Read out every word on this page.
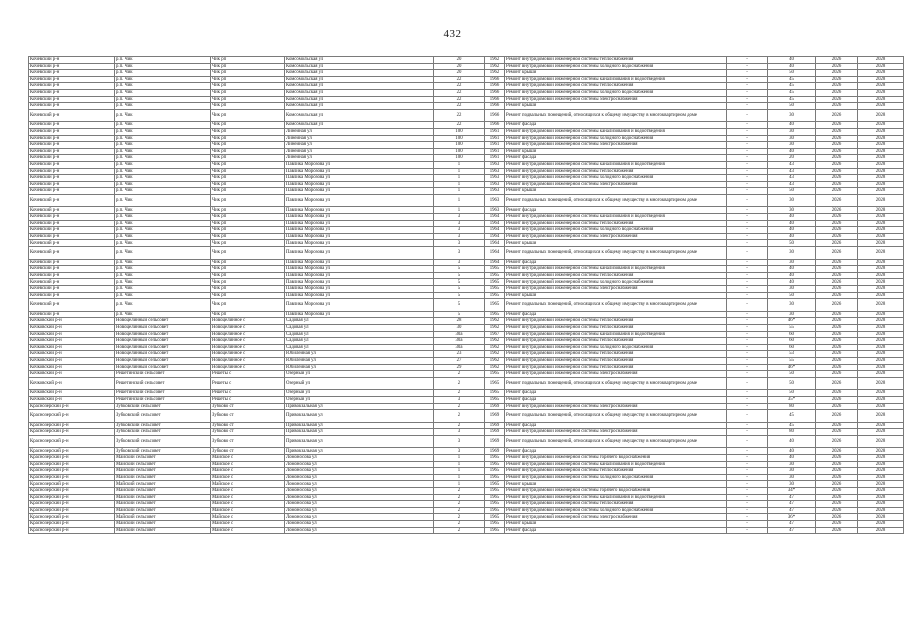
432
Кочевский р-н	р.п. Чик	Чик рп	Комсомольская ул	20	1962	Ремонт внутридомовой инженерной системы теплоснабжения	-	40	2026	2028
Кочевский р-н	р.п. Чик	Чик рп	Комсомольская ул	20	1962	Ремонт внутридомовой инженерной системы холодного водоснабжения	-	40	2026	2028
Кочевский р-н	р.п. Чик	Чик рп	Комсомольская ул	20	1962	Ремонт крыши	-	50	2026	2028
Кочевский р-н	р.п. Чик	Чик рп	Комсомольская ул	22	1966	Ремонт внутридомовой инженерной системы канализования и водоотведения	-	45	2026	2028
Кочевский р-н	р.п. Чик	Чик рп	Комсомольская ул	22	1966	Ремонт внутридомовой инженерной системы теплоснабжения	-	45	2026	2028
Кочевский р-н	р.п. Чик	Чик рп	Комсомольская ул	22	1966	Ремонт внутридомовой инженерной системы холодного водоснабжения	-	45	2026	2028
Кочевский р-н	р.п. Чик	Чик рп	Комсомольская ул	22	1966	Ремонт внутридомовой инженерной системы электроснабжения	-	45	2026	2028
Кочевский р-н	р.п. Чик	Чик рп	Комсомольская ул	22	1966	Ремонт крыши	-	50	2026	2028
Кочевский р-н	р.п. Чик	Чик рп	Комсомольская ул	22	1966	Ремонт подвальных помещений, относящихся к общему имуществу в многоквартирном доме	-	30	2026	2028
Кочевский р-н	р.п. Чик	Чик рп	Комсомольская ул	22	1966	Ремонт фасада	-	40	2026	2028
Кочевский р-н	р.п. Чик	Чик рп	Линейная ул	100	1961	Ремонт внутридомовой инженерной системы канализования и водоотведения	-	30	2026	2028
Кочевский р-н	р.п. Чик	Чик рп	Линейная ул	100	1961	Ремонт внутридомовой инженерной системы холодного водоснабжения	-	30	2026	2028
Кочевский р-н	р.п. Чик	Чик рп	Линейная ул	100	1961	Ремонт внутридомовой инженерной системы электроснабжения	-	30	2026	2028
Кочевский р-н	р.п. Чик	Чик рп	Линейная ул	100	1961	Ремонт крыши	-	40	2026	2028
Кочевский р-н	р.п. Чик	Чик рп	Линейная ул	100	1961	Ремонт фасада	-	20	2026	2028
Кочевский р-н	р.п. Чик	Чик рп	Павлика Морозова ул	1	1963	Ремонт внутридомовой инженерной системы канализования и водоотведения	-	43	2026	2028
Кочевский р-н	р.п. Чик	Чик рп	Павлика Морозова ул	1	1963	Ремонт внутридомовой инженерной системы теплоснабжения	-	43	2026	2028
Кочевский р-н	р.п. Чик	Чик рп	Павлика Морозова ул	1	1963	Ремонт внутридомовой инженерной системы холодного водоснабжения	-	43	2026	2028
Кочевский р-н	р.п. Чик	Чик рп	Павлика Морозова ул	1	1963	Ремонт внутридомовой инженерной системы электроснабжения	-	43	2026	2028
Кочевский р-н	р.п. Чик	Чик рп	Павлика Морозова ул	1	1963	Ремонт крыши	-	50	2026	2028
Кочевский р-н	р.п. Чик	Чик рп	Павлика Морозова ул	1	1963	Ремонт подвальных помещений, относящихся к общему имуществу в многоквартирном доме	-	30	2026	2028
Кочевский р-н	р.п. Чик	Чик рп	Павлика Морозова ул	1	1963	Ремонт фасада	-	30	2026	2028
Кочевский р-н	р.п. Чик	Чик рп	Павлика Морозова ул	3	1964	Ремонт внутридомовой инженерной системы канализования и водоотведения	-	40	2026	2028
Кочевский р-н	р.п. Чик	Чик рп	Павлика Морозова ул	3	1964	Ремонт внутридомовой инженерной системы теплоснабжения	-	40	2026	2028
Кочевский р-н	р.п. Чик	Чик рп	Павлика Морозова ул	3	1964	Ремонт внутридомовой инженерной системы холодного водоснабжения	-	40	2026	2028
Кочевский р-н	р.п. Чик	Чик рп	Павлика Морозова ул	3	1964	Ремонт внутридомовой инженерной системы электроснабжения	-	40	2026	2028
Кочевский р-н	р.п. Чик	Чик рп	Павлика Морозова ул	3	1964	Ремонт крыши	-	50	2026	2028
Кочевский р-н	р.п. Чик	Чик рп	Павлика Морозова ул	3	1964	Ремонт подвальных помещений, относящихся к общему имуществу в многоквартирном доме	-	30	2026	2028
Кочевский р-н	р.п. Чик	Чик рп	Павлика Морозова ул	3	1964	Ремонт фасада	-	30	2026	2028
Кочевский р-н	р.п. Чик	Чик рп	Павлика Морозова ул	5	1965	Ремонт внутридомовой инженерной системы канализования и водоотведения	-	40	2026	2028
Кочевский р-н	р.п. Чик	Чик рп	Павлика Морозова ул	5	1965	Ремонт внутридомовой инженерной системы теплоснабжения	-	40	2026	2028
Кочевский р-н	р.п. Чик	Чик рп	Павлика Морозова ул	5	1965	Ремонт внутридомовой инженерной системы холодного водоснабжения	-	40	2026	2028
Кочевский р-н	р.п. Чик	Чик рп	Павлика Морозова ул	5	1965	Ремонт внутридомовой инженерной системы электроснабжения	-	30	2026	2028
Кочевский р-н	р.п. Чик	Чик рп	Павлика Морозова ул	5	1965	Ремонт крыши	-	50	2026	2028
Кочевский р-н	р.п. Чик	Чик рп	Павлика Морозова ул	5	1965	Ремонт подвальных помещений, относящихся к общему имуществу в многоквартирном доме	-	30	2026	2028
Кочевский р-н	р.п. Чик	Чик рп	Павлика Морозова ул	5	1965	Ремонт фасада	-	30	2026	2028
Кочковский р-н	Новоцелинный сельсовет	Новоцелинное с	Садовая ул	28	1962	Ремонт внутридомовой инженерной системы теплоснабжения	-	46*	2026	2028
Кочковский р-н	Новоцелинный сельсовет	Новоцелинное с	Садовая ул	30	1962	Ремонт внутридомовой инженерной системы теплоснабжения	-	55	2026	2028
Кочковский р-н	Новоцелинный сельсовет	Новоцелинное с	Садовая ул	30а	1967	Ремонт внутридомовой инженерной системы канализования и водоотведения	-	60	2026	2028
Кочковский р-н	Новоцелинный сельсовет	Новоцелинное с	Садовая ул	30а	1962	Ремонт внутридомовой инженерной системы теплоснабжения	-	60	2026	2028
Кочковский р-н	Новоцелинный сельсовет	Новоцелинное с	Садовая ул	30а	1962	Ремонт внутридомовой инженерной системы холодного водоснабжения	-	60	2026	2028
Кочковский р-н	Новоцелинный сельсовет	Новоцелинное с	Юбилейная ул	23	1962	Ремонт внутридомовой инженерной системы теплоснабжения	-	53	2026	2028
Кочковский р-н	Новоцелинный сельсовет	Новоцелинное с	Юбилейная ул	27	1962	Ремонт внутридомовой инженерной системы теплоснабжения	-	55	2026	2028
Кочковский р-н	Новоцелинный сельсовет	Новоцелинное с	Юбилейная ул	29	1962	Ремонт внутридомовой инженерной системы теплоснабжения	-	46*	2026	2028
Кочковский р-н	Решетинский сельсовет	Решеты с	Озерный ул	2	1965	Ремонт внутридомовой инженерной системы электроснабжения	-	50	2026	2028
Кочковский р-н	Решетинский сельсовет	Решеты с	Озерный ул	2	1965	Ремонт подвальных помещений, относящихся к общему имуществу в многоквартирном доме	-	50	2026	2028
Кочковский р-н	Решетинский сельсовет	Решеты с	Озерный ул	2	1965	Ремонт фасада	-	50	2026	2028
Кочковский р-н	Решетинский сельсовет	Решеты с	Озерный ул	3	1965	Ремонт фасада	-	35*	2026	2028
Краснозерский р-н	Зубковский сельсовет	Зубково ст	Привокзальная ул	2	1969	Ремонт внутридомовой инженерной системы электроснабжения	-	80	2026	2028
Краснозерский р-н	Зубковский сельсовет	Зубково ст	Привокзальная ул	2	1969	Ремонт подвальных помещений, относящихся к общему имуществу в многоквартирном доме	-	45	2026	2028
Краснозерский р-н	Зубковский сельсовет	Зубково ст	Привокзальная ул	2	1969	Ремонт фасада	-	45	2026	2028
Краснозерский р-н	Зубковский сельсовет	Зубково ст	Привокзальная ул	3	1969	Ремонт внутридомовой инженерной системы электроснабжения	-	80	2026	2028
Краснозерский р-н	Зубковский сельсовет	Зубково ст	Привокзальная ул	3	1969	Ремонт подвальных помещений, относящихся к общему имуществу в многоквартирном доме	-	40	2026	2028
Краснозерский р-н	Зубковский сельсовет	Зубково ст	Привокзальная ул	3	1969	Ремонт фасада	-	40	2026	2028
Краснозерский р-н	Майский сельсовет	Майское с	Ломоносова ул	1	1965	Ремонт внутридомовой инженерной системы горячего водоснабжения	-	40	2026	2028
Краснозерский р-н	Майский сельсовет	Майское с	Ломоносова ул	1	1965	Ремонт внутридомовой инженерной системы канализования и водоотведения	-	30	2026	2028
Краснозерский р-н	Майский сельсовет	Майское с	Ломоносова ул	1	1965	Ремонт внутридомовой инженерной системы теплоснабжения	-	30	2026	2028
Краснозерский р-н	Майский сельсовет	Майское с	Ломоносова ул	1	1965	Ремонт внутридомовой инженерной системы холодного водоснабжения	-	30	2026	2028
Краснозерский р-н	Майский сельсовет	Майское с	Ломоносова ул	1	1965	Ремонт крыши	-	30	2026	2028
Краснозерский р-н	Майский сельсовет	Майское с	Ломоносова ул	2	1965	Ремонт внутридомовой инженерной системы горячего водоснабжения	-	34*	2026	2028
Краснозерский р-н	Майский сельсовет	Майское с	Ломоносова ул	2	1965	Ремонт внутридомовой инженерной системы канализования и водоотведения	-	47	2026	2028
Краснозерский р-н	Майский сельсовет	Майское с	Ломоносова ул	2	1965	Ремонт внутридомовой инженерной системы теплоснабжения	-	47	2026	2028
Краснозерский р-н	Майский сельсовет	Майское с	Ломоносова ул	2	1965	Ремонт внутридомовой инженерной системы холодного водоснабжения	-	47	2026	2028
Краснозерский р-н	Майский сельсовет	Майское с	Ломоносова ул	2	1965	Ремонт внутридомовой инженерной системы электроснабжения	-	36*	2026	2028
Краснозерский р-н	Майский сельсовет	Майское с	Ломоносова ул	2	1965	Ремонт крыши	-	47	2026	2028
Краснозерский р-н	Майский сельсовет	Майское с	Ломоносова ул	2	1965	Ремонт фасада	-	47	2026	2028
